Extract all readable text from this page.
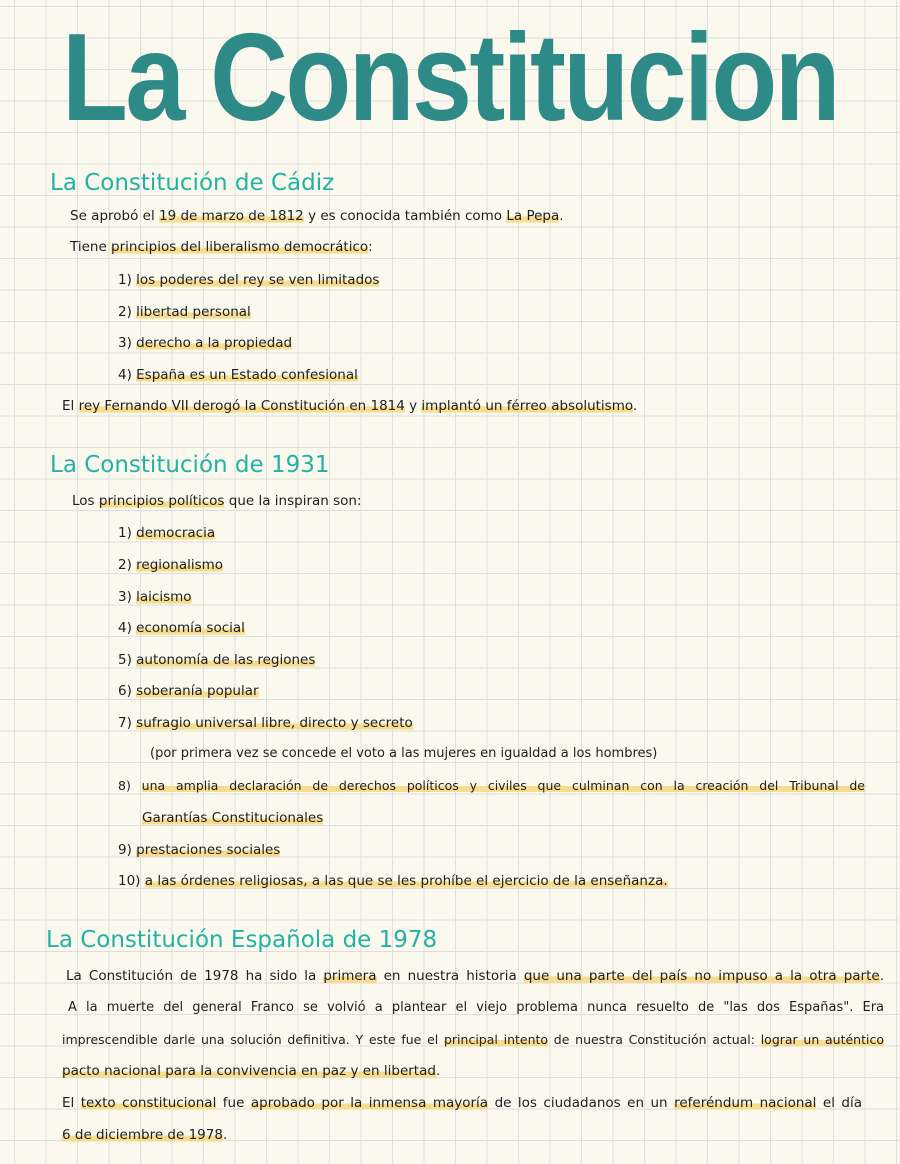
La Constitucion
La Constitución de Cádiz
Se aprobó el 19 de marzo de 1812 y es conocida también como La Pepa.
Tiene principios del liberalismo democrático:
1) los poderes del rey se ven limitados
2) libertad personal
3) derecho a la propiedad
4) España es un Estado confesional
El rey Fernando VII derogó la Constitución en 1814 y implantó un férreo absolutismo.
La Constitución de 1931
Los principios políticos que la inspiran son:
1) democracia
2) regionalismo
3) laicismo
4) economía social
5) autonomía de las regiones
6) soberanía popular
7) sufragio universal libre, directo y secreto
(por primera vez se concede el voto a las mujeres en igualdad a los hombres)
8) una amplia declaración de derechos políticos y civiles que culminan con la creación del Tribunal de
Garantías Constitucionales
9) prestaciones sociales
10) a las órdenes religiosas, a las que se les prohíbe el ejercicio de la enseñanza.
La Constitución Española de 1978
La Constitución de 1978 ha sido la primera en nuestra historia que una parte del país no impuso a la otra parte.
A la muerte del general Franco se volvió a plantear el viejo problema nunca resuelto de "las dos Españas". Era
imprescendible darle una solución definitiva. Y este fue el principal intento de nuestra Constitución actual: lograr un auténtico
pacto nacional para la convivencia en paz y en libertad.
El texto constitucional fue aprobado por la inmensa mayoría de los ciudadanos en un referéndum nacional el día
6 de diciembre de 1978.
